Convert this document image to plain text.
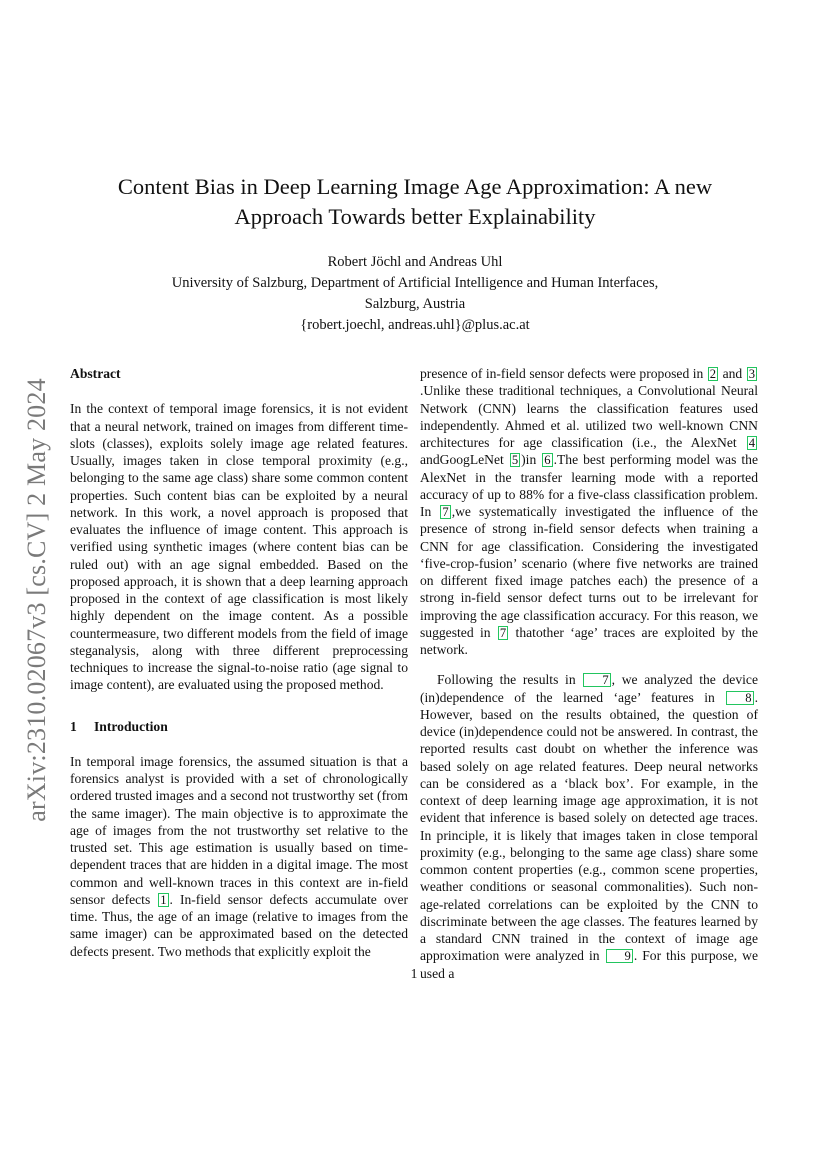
arXiv:2310.02067v3 [cs.CV] 2 May 2024
Content Bias in Deep Learning Image Age Approximation: A new
Approach Towards better Explainability
Robert Jöchl and Andreas Uhl
University of Salzburg, Department of Artificial Intelligence and Human Interfaces,
Salzburg, Austria
{robert.joechl, andreas.uhl}@plus.ac.at
Abstract

In the context of temporal image forensics, it is not evident that a neural network, trained on images from different time-slots (classes), exploits solely image age related features. Usually, images taken in close temporal proximity (e.g., belonging to the same age class) share some common content properties. Such content bias can be exploited by a neural network. In this work, a novel approach is proposed that evaluates the influence of image content. This approach is verified using synthetic images (where content bias can be ruled out) with an age signal embedded. Based on the proposed approach, it is shown that a deep learning approach proposed in the context of age classification is most likely highly dependent on the image content. As a possible countermeasure, two different models from the field of image steganalysis, along with three different preprocessing techniques to increase the signal-to-noise ratio (age signal to image content), are evaluated using the proposed method.

1 Introduction

In temporal image forensics, the assumed situation is that a forensics analyst is provided with a set of chronologically ordered trusted images and a second not trustworthy set (from the same imager). The main objective is to approximate the age of images from the not trustworthy set relative to the trusted set. This age estimation is usually based on time-dependent traces that are hidden in a digital image. The most common and well-known traces in this context are in-field sensor defects 1 . In-field sensor defects accumulate over time. Thus, the age of an image (relative to images from the same imager) can be approximated based on the detected defects present. Two methods that explicitly exploit the

presence of in-field sensor defects were proposed in 2 and 3.Unlike these traditional techniques, a Convolutional Neural Network (CNN) learns the classification features used independently. Ahmed et al. utilized two well-known CNN architectures for age classification (i.e., the AlexNet 4 andGoogLeNet 5 )in 6 .The best performing model was the AlexNet in the transfer learning mode with a reported accuracy of up to 88% for a five-class classification problem. In 7 ,we systematically investigated the influence of the presence of strong in-field sensor defects when training a CNN for age classification. Considering the investigated ‘five-crop-fusion’ scenario (where five networks are trained on different fixed image patches each) the presence of a strong in-field sensor defect turns out to be irrelevant for improving the age classification accuracy. For this reason, we suggested in 7 thatother ‘age’ traces are exploited by the network.

Following the results in 7 , we analyzed the device (in)dependence of the learned ‘age’ features in 8 . However, based on the results obtained, the question of device (in)dependence could not be answered. In contrast, the reported results cast doubt on whether the inference was based solely on age related features. Deep neural networks can be considered as a ‘black box’. For example, in the context of deep learning image age approximation, it is not evident that inference is based solely on detected age traces. In principle, it is likely that images taken in close temporal proximity (e.g., belonging to the same age class) share some common content properties (e.g., common scene properties, weather conditions or seasonal commonalities). Such non-age-related correlations can be exploited by the CNN to discriminate between the age classes. The features learned by a standard CNN trained in the context of image age approximation were analyzed in 9 . For this purpose, we used a

1
